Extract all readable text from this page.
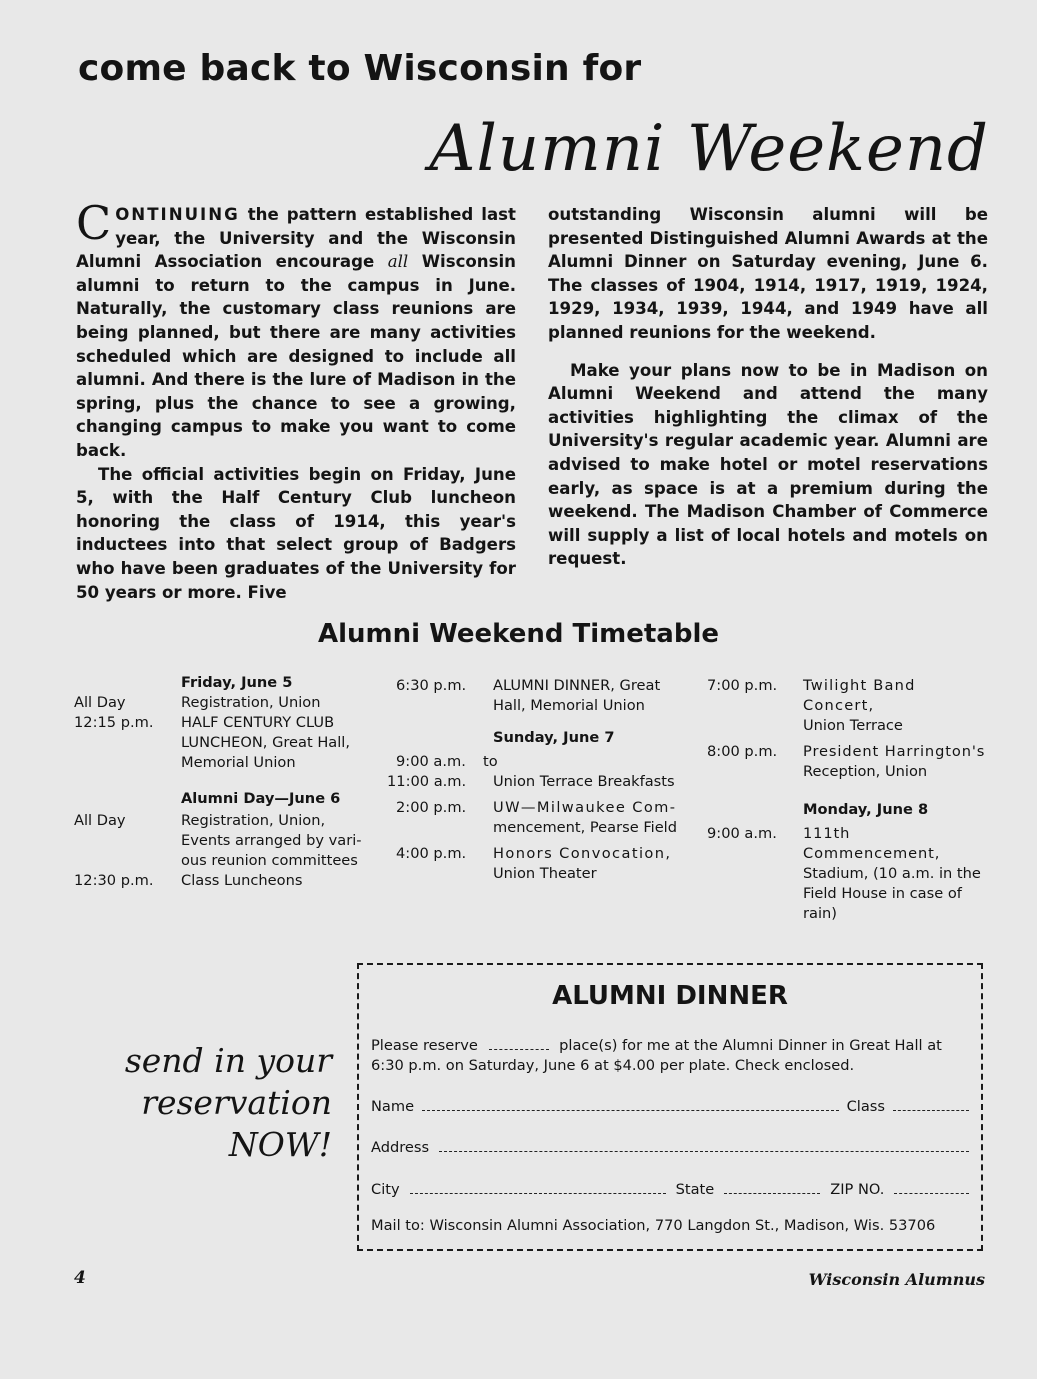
come back to Wisconsin for
Alumni Weekend

CONTINUING the pattern established last year, the University and the Wisconsin Alumni Association encourage all Wisconsin alumni to return to the campus in June. Naturally, the customary class reunions are being planned, but there are many activities scheduled which are designed to include all alumni. And there is the lure of Madison in the spring, plus the chance to see a growing, changing campus to make you want to come back.

The official activities begin on Friday, June 5, with the Half Century Club luncheon honoring the class of 1914, this year's inductees into that select group of Badgers who have been graduates of the University for 50 years or more. Five

outstanding Wisconsin alumni will be presented Distinguished Alumni Awards at the Alumni Dinner on Saturday evening, June 6. The classes of 1904, 1914, 1917, 1919, 1924, 1929, 1934, 1939, 1944, and 1949 have all planned reunions for the weekend.

Make your plans now to be in Madison on Alumni Weekend and attend the many activities highlighting the climax of the University's regular academic year. Alumni are advised to make hotel or motel reservations early, as space is at a premium during the weekend. The Madison Chamber of Commerce will supply a list of local hotels and motels on request.

Alumni Weekend Timetable
Friday, June 5
All Day	Registration, Union
12:15 p.m.	HALF CENTURY CLUB
LUNCHEON, Great Hall,
Memorial Union
Alumni Day—June 6
All Day	Registration, Union,
Events arranged by vari-
ous reunion committees
12:30 p.m.	Class Luncheons
6:30 p.m.	ALUMNI DINNER, Great
Hall, Memorial Union
Sunday, June 7
9:00 a.m.	to
11:00 a.m.	Union Terrace Breakfasts
2:00 p.m.	UW—Milwaukee Com-
mencement, Pearse Field
4:00 p.m.	Honors Convocation,
Union Theater
7:00 p.m.	Twilight Band Concert,
Union Terrace
8:00 p.m.	President Harrington's
Reception, Union
Monday, June 8
9:00 a.m.	111th Commencement,
Stadium, (10 a.m. in the
Field House in case of
rain)
send in your
reservation
NOW!
ALUMNI DINNER
Please reserve	place(s) for me at the Alumni Dinner in Great Hall at
6:30 p.m. on Saturday, June 6 at $4.00 per plate. Check enclosed.
Name	Class
Address
City	State	ZIP NO.
Mail to: Wisconsin Alumni Association, 770 Langdon St., Madison, Wis. 53706
4	Wisconsin Alumnus
